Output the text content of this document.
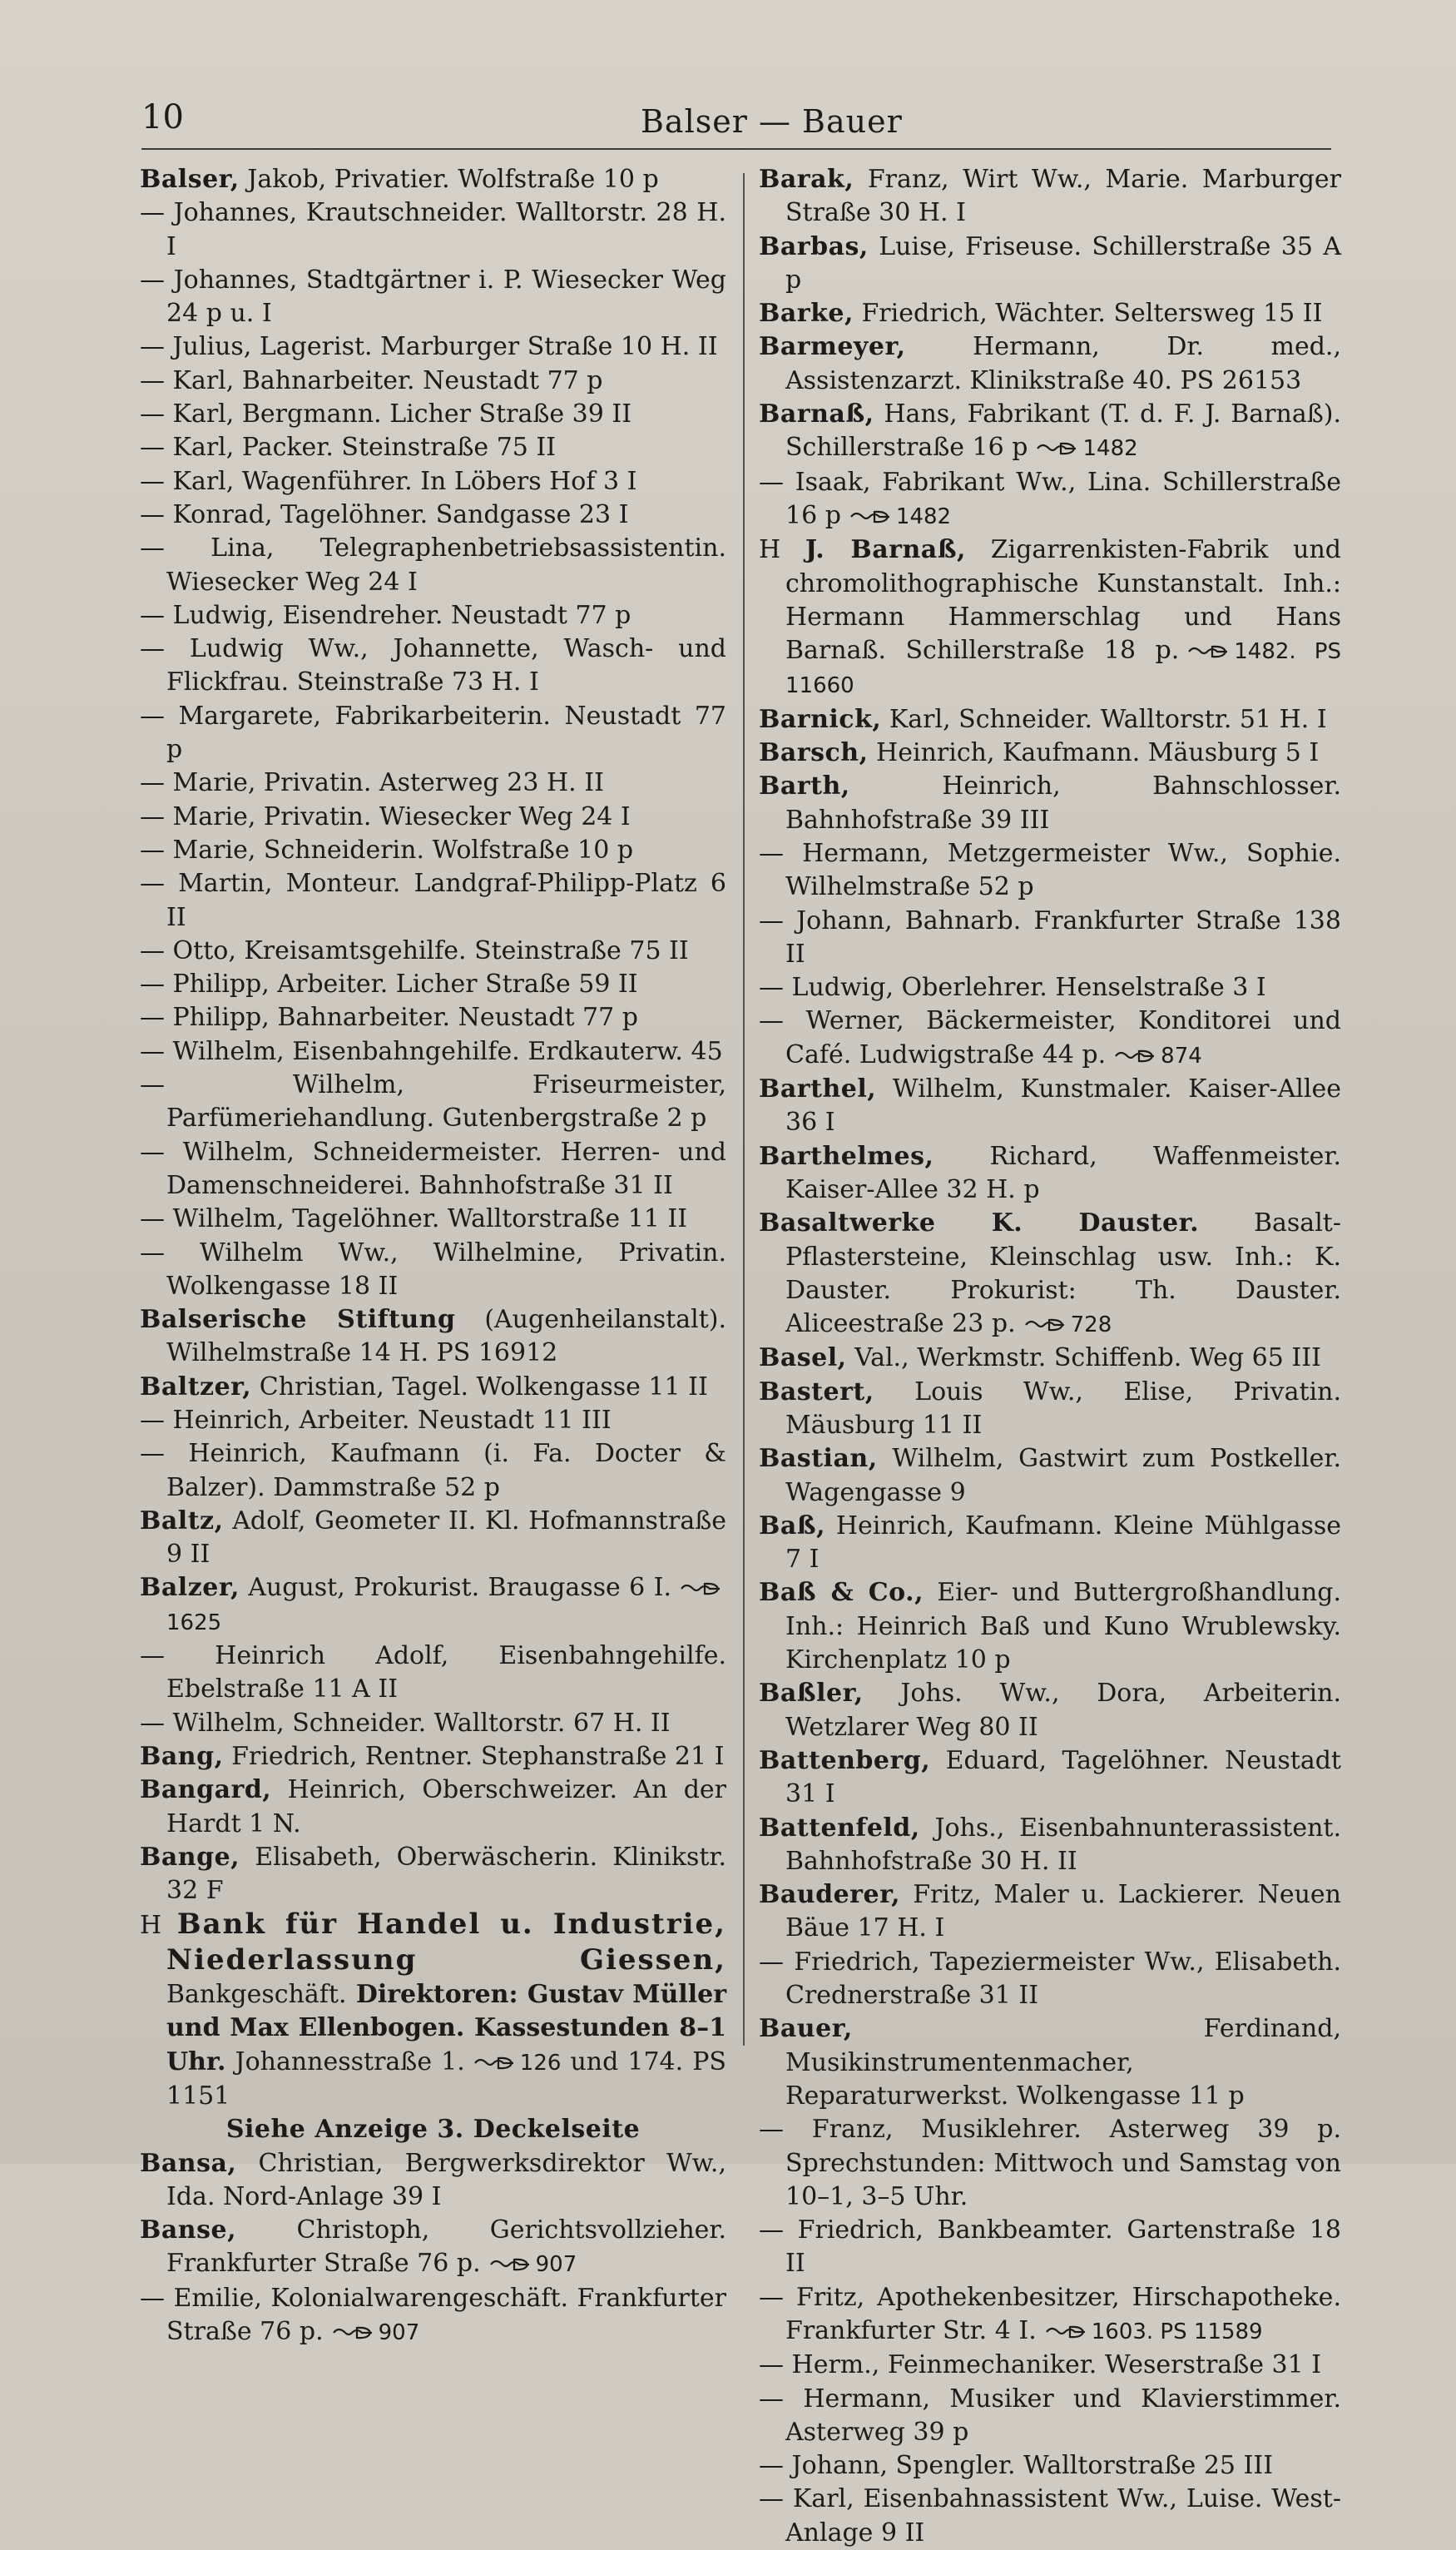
10	Balser — Bauer
Balser, Jakob, Privatier. Wolfstraße 10 p
— Johannes, Krautschneider. Walltorstr. 28 H. I
— Johannes, Stadtgärtner i. P. Wiesecker Weg 24 p u. I
— Julius, Lagerist. Marburger Straße 10 H. II
— Karl, Bahnarbeiter. Neustadt 77 p
— Karl, Bergmann. Licher Straße 39 II
— Karl, Packer. Steinstraße 75 II
— Karl, Wagenführer. In Löbers Hof 3 I
— Konrad, Tagelöhner. Sandgasse 23 I
— Lina, Telegraphenbetriebsassistentin. Wiesecker Weg 24 I
— Ludwig, Eisendreher. Neustadt 77 p
— Ludwig Ww., Johannette, Wasch- und Flickfrau. Steinstraße 73 H. I
— Margarete, Fabrikarbeiterin. Neustadt 77 p
— Marie, Privatin. Asterweg 23 H. II
— Marie, Privatin. Wiesecker Weg 24 I
— Marie, Schneiderin. Wolfstraße 10 p
— Martin, Monteur. Landgraf-Philipp-Platz 6 II
— Otto, Kreisamtsgehilfe. Steinstraße 75 II
— Philipp, Arbeiter. Licher Straße 59 II
— Philipp, Bahnarbeiter. Neustadt 77 p
— Wilhelm, Eisenbahngehilfe. Erdkauterw. 45
— Wilhelm, Friseurmeister, Parfümeriehandlung. Gutenbergstraße 2 p
— Wilhelm, Schneidermeister. Herren- und Damenschneiderei. Bahnhofstraße 31 II
— Wilhelm, Tagelöhner. Walltorstraße 11 II
— Wilhelm Ww., Wilhelmine, Privatin. Wolkengasse 18 II
Balserische Stiftung (Augenheilanstalt). Wilhelmstraße 14 H. PS 16912
Baltzer, Christian, Tagel. Wolkengasse 11 II
— Heinrich, Arbeiter. Neustadt 11 III
— Heinrich, Kaufmann (i. Fa. Docter & Balzer). Dammstraße 52 p
Baltz, Adolf, Geometer II. Kl. Hofmannstraße 9 II
Balzer, August, Prokurist. Braugasse 6 I.1625
— Heinrich Adolf, Eisenbahngehilfe. Ebelstraße 11 A II
— Wilhelm, Schneider. Walltorstr. 67 H. II
Bang, Friedrich, Rentner. Stephanstraße 21 I
Bangard, Heinrich, Oberschweizer. An der Hardt 1 N.
Bange, Elisabeth, Oberwäscherin. Klinikstr. 32 F
H Bank für Handel u. Industrie, Niederlassung Giessen, Bankgeschäft. Direktoren: Gustav Müller und Max Ellenbogen. Kassestunden 8–1 Uhr. Johannesstraße 1.	126 und 174. PS 1151
Siehe Anzeige 3. Deckelseite
Bansa, Christian, Bergwerksdirektor Ww., Ida. Nord-Anlage 39 I
Banse, Christoph, Gerichtsvollzieher. Frankfurter Straße 76 p.	907
— Emilie, Kolonialwarengeschäft. Frankfurter Straße 76 p.	907
Barak, Franz, Wirt Ww., Marie. Marburger Straße 30 H. I
Barbas, Luise, Friseuse. Schillerstraße 35 A p
Barke, Friedrich, Wächter. Seltersweg 15 II
Barmeyer, Hermann, Dr. med., Assistenzarzt. Klinikstraße 40. PS 26153
Barnaß, Hans, Fabrikant (T. d. F. J. Barnaß). Schillerstraße 16 p	1482
— Isaak, Fabrikant Ww., Lina. Schillerstraße 16 p	1482
H J. Barnaß, Zigarrenkisten-Fabrik und chromolithographische Kunstanstalt. Inh.: Hermann Hammerschlag und Hans Barnaß. Schillerstraße 18 p.	1482. PS 11660
Barnick, Karl, Schneider. Walltorstr. 51 H. I
Barsch, Heinrich, Kaufmann. Mäusburg 5 I
Barth, Heinrich, Bahnschlosser. Bahnhofstraße 39 III
— Hermann, Metzgermeister Ww., Sophie. Wilhelmstraße 52 p
— Johann, Bahnarb. Frankfurter Straße 138 II
— Ludwig, Oberlehrer. Henselstraße 3 I
— Werner, Bäckermeister, Konditorei und Café. Ludwigstraße 44 p.	874
Barthel, Wilhelm, Kunstmaler. Kaiser-Allee 36 I
Barthelmes, Richard, Waffenmeister. Kaiser-Allee 32 H. p
Basaltwerke K. Dauster. Basalt-Pflastersteine, Kleinschlag usw. Inh.: K. Dauster. Prokurist: Th. Dauster. Aliceestraße 23 p.	728
Basel, Val., Werkmstr. Schiffenb. Weg 65 III
Bastert, Louis Ww., Elise, Privatin. Mäusburg 11 II
Bastian, Wilhelm, Gastwirt zum Postkeller. Wagengasse 9
Baß, Heinrich, Kaufmann. Kleine Mühlgasse 7 I
Baß & Co., Eier- und Buttergroßhandlung. Inh.: Heinrich Baß und Kuno Wrublewsky. Kirchenplatz 10 p
Baßler, Johs. Ww., Dora, Arbeiterin. Wetzlarer Weg 80 II
Battenberg, Eduard, Tagelöhner. Neustadt 31 I
Battenfeld, Johs., Eisenbahnunterassistent. Bahnhofstraße 30 H. II
Bauderer, Fritz, Maler u. Lackierer. Neuen Bäue 17 H. I
— Friedrich, Tapeziermeister Ww., Elisabeth. Crednerstraße 31 II
Bauer, Ferdinand, Musikinstrumentenmacher, Reparaturwerkst. Wolkengasse 11 p
— Franz, Musiklehrer. Asterweg 39 p. Sprechstunden: Mittwoch und Samstag von 10–1, 3–5 Uhr.
— Friedrich, Bankbeamter. Gartenstraße 18 II
— Fritz, Apothekenbesitzer, Hirschapotheke. Frankfurter Str. 4 I.	1603. PS 11589
— Herm., Feinmechaniker. Weserstraße 31 I
— Hermann, Musiker und Klavierstimmer. Asterweg 39 p
— Johann, Spengler. Walltorstraße 25 III
— Karl, Eisenbahnassistent Ww., Luise. West-Anlage 9 II
